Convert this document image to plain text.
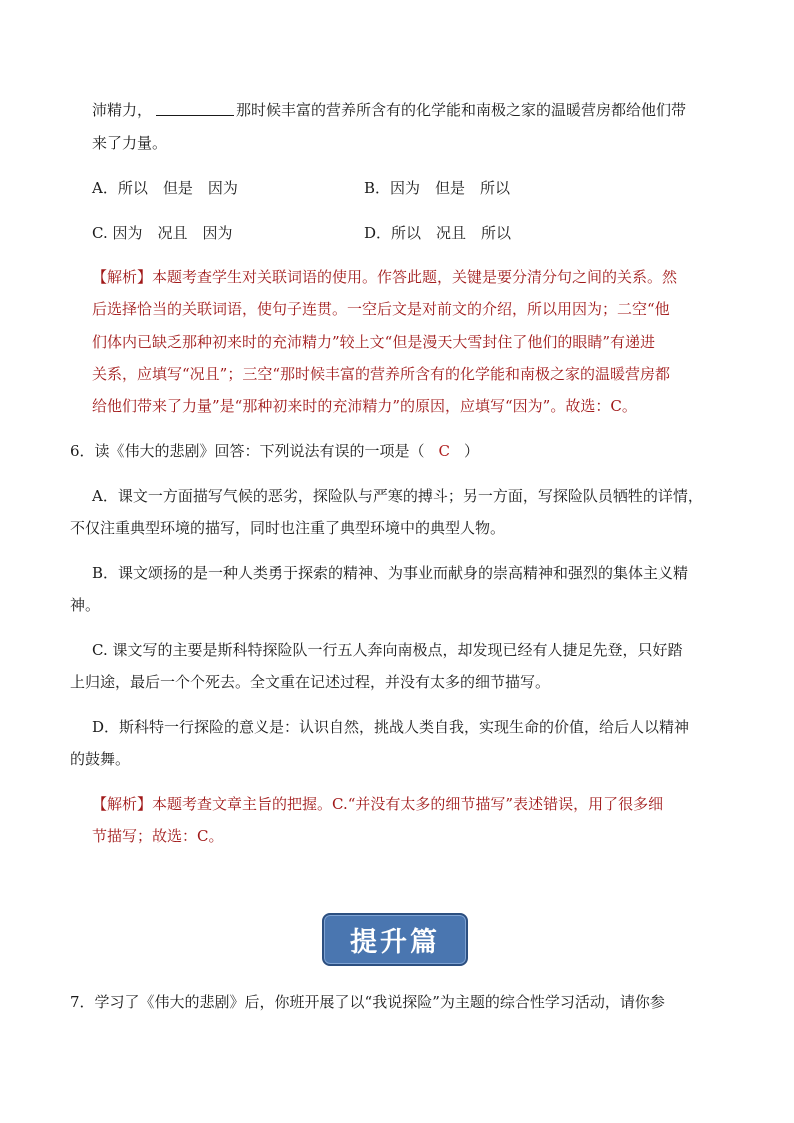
沛精力，	那时候丰富的营养所含有的化学能和南极之家的温暖营房都给他们带
来了力量。
A．所以　但是　因为	B．因为　但是　所以
C. 因为　况且　因为	D．所以　况且　所以
【解析】本题考查学生对关联词语的使用。作答此题，关键是要分清分句之间的关系。然
后选择恰当的关联词语，使句子连贯。一空后文是对前文的介绍，所以用因为；二空“他
们体内已缺乏那种初来时的充沛精力”较上文“但是漫天大雪封住了他们的眼睛”有递进
关系，应填写“况且”；三空“那时候丰富的营养所含有的化学能和南极之家的温暖营房都
给他们带来了力量”是“那种初来时的充沛精力”的原因，应填写“因为”。故选：C。
6．读《伟大的悲剧》回答：下列说法有误的一项是（ C ）
A．课文一方面描写气候的恶劣，探险队与严寒的搏斗；另一方面，写探险队员牺牲的详情，
不仅注重典型环境的描写，同时也注重了典型环境中的典型人物。
B．课文颂扬的是一种人类勇于探索的精神、为事业而献身的崇高精神和强烈的集体主义精
神。
C. 课文写的主要是斯科特探险队一行五人奔向南极点，却发现已经有人捷足先登，只好踏
上归途，最后一个个死去。全文重在记述过程，并没有太多的细节描写。
D．斯科特一行探险的意义是：认识自然，挑战人类自我，实现生命的价值，给后人以精神
的鼓舞。
【解析】本题考查文章主旨的把握。C.“并没有太多的细节描写”表述错误，用了很多细
节描写；故选：C。
提升篇
7．学习了《伟大的悲剧》后，你班开展了以“我说探险”为主题的综合性学习活动，请你参
